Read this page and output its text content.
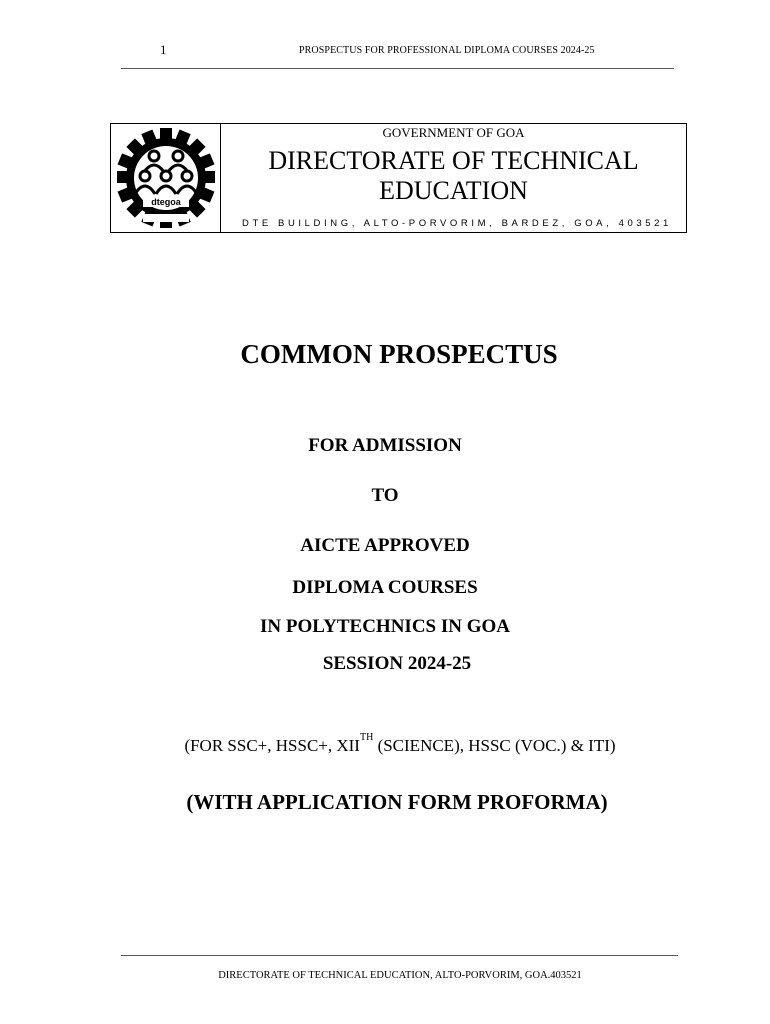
1	PROSPECTUS FOR PROFESSIONAL DIPLOMA COURSES 2024-25
dtegoa
GOVERNMENT OF GOA
DIRECTORATE OF TECHNICAL
EDUCATION
DTE BUILDING, ALTO-PORVORIM, BARDEZ, GOA, 403521
COMMON PROSPECTUS
FOR ADMISSION
TO
AICTE APPROVED
DIPLOMA COURSES
IN POLYTECHNICS IN GOA
SESSION 2024-25
(FOR SSC+, HSSC+, XIITH (SCIENCE), HSSC (VOC.) & ITI)
(WITH APPLICATION FORM PROFORMA)
DIRECTORATE OF TECHNICAL EDUCATION, ALTO-PORVORIM, GOA.403521
